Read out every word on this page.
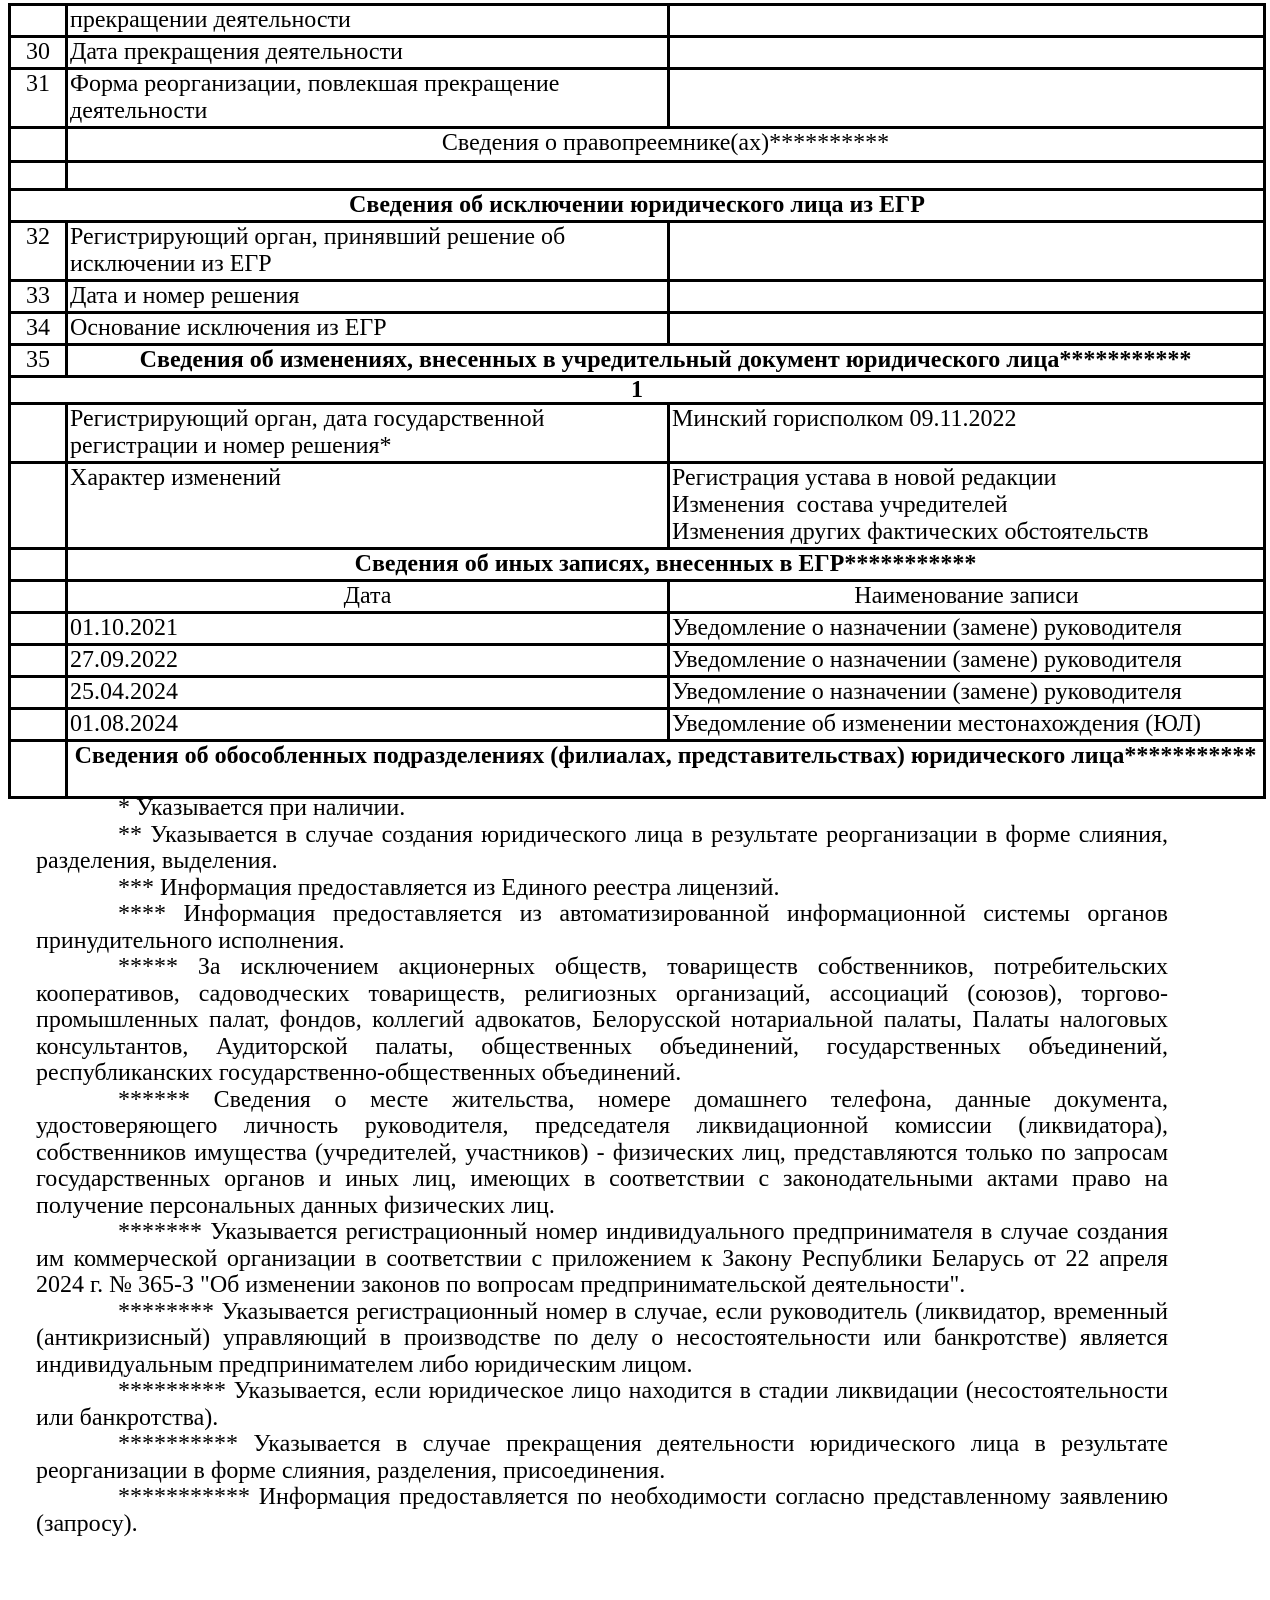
	прекращении деятельности	
30	Дата прекращения деятельности	
31	Форма реорганизации, повлекшая прекращение деятельности	
	Сведения о правопреемнике(ах)**********	

Сведения об исключении юридического лица из ЕГР		
32	Регистрирующий орган, принявший решение об исключении из ЕГР	
33	Дата и номер решения	
34	Основание исключения из ЕГР	
35	Сведения об изменениях, внесенных в учредительный документ юридического лица***********	
1		
	Регистрирующий орган, дата государственной регистрации и номер решения*	Минский горисполком 09.11.2022
	Характер изменений	Регистрация устава в новой редакции
Изменения  состава учредителей
Изменения других фактических обстоятельств

	Сведения об иных записях, внесенных в ЕГР***********	
	Дата	Наименование записи
	01.10.2021	Уведомление о назначении (замене) руководителя
	27.09.2022	Уведомление о назначении (замене) руководителя
	25.04.2024	Уведомление о назначении (замене) руководителя
	01.08.2024	Уведомление об изменении местонахождения (ЮЛ)
	Сведения об обособленных подразделениях (филиалах, представительствах) юридического лица***********	

* Указывается при наличии.

** Указывается в случае создания юридического лица в результате реорганизации в форме слияния, разделения, выделения.

*** Информация предоставляется из Единого реестра лицензий.

**** Информация предоставляется из автоматизированной информационной системы органов принудительного исполнения.

***** За исключением акционерных обществ, товариществ собственников, потребительских кооперативов, садоводческих товариществ, религиозных организаций, ассоциаций (союзов), торгово-промышленных палат, фондов, коллегий адвокатов, Белорусской нотариальной палаты, Палаты налоговых консультантов, Аудиторской палаты, общественных объединений, государственных объединений, республиканских государственно-общественных объединений.

****** Сведения о месте жительства, номере домашнего телефона, данные документа, удостоверяющего личность руководителя, председателя ликвидационной комиссии (ликвидатора), собственников имущества (учредителей, участников) - физических лиц, представляются только по запросам государственных органов и иных лиц, имеющих в соответствии с законодательными актами право на получение персональных данных физических лиц.

******* Указывается регистрационный номер индивидуального предпринимателя в случае создания им коммерческой организации в соответствии с приложением к Закону Республики Беларусь от 22 апреля 2024 г. № 365-З "Об изменении законов по вопросам предпринимательской деятельности".

******** Указывается регистрационный номер в случае, если руководитель (ликвидатор, временный (антикризисный) управляющий в производстве по делу о несостоятельности или банкротстве) является индивидуальным предпринимателем либо юридическим лицом.

********* Указывается, если юридическое лицо находится в стадии ликвидации (несостоятельности или банкротства).

********** Указывается в случае прекращения деятельности юридического лица в результате реорганизации в форме слияния, разделения, присоединения.

*********** Информация предоставляется по необходимости согласно представленному заявлению (запросу).
